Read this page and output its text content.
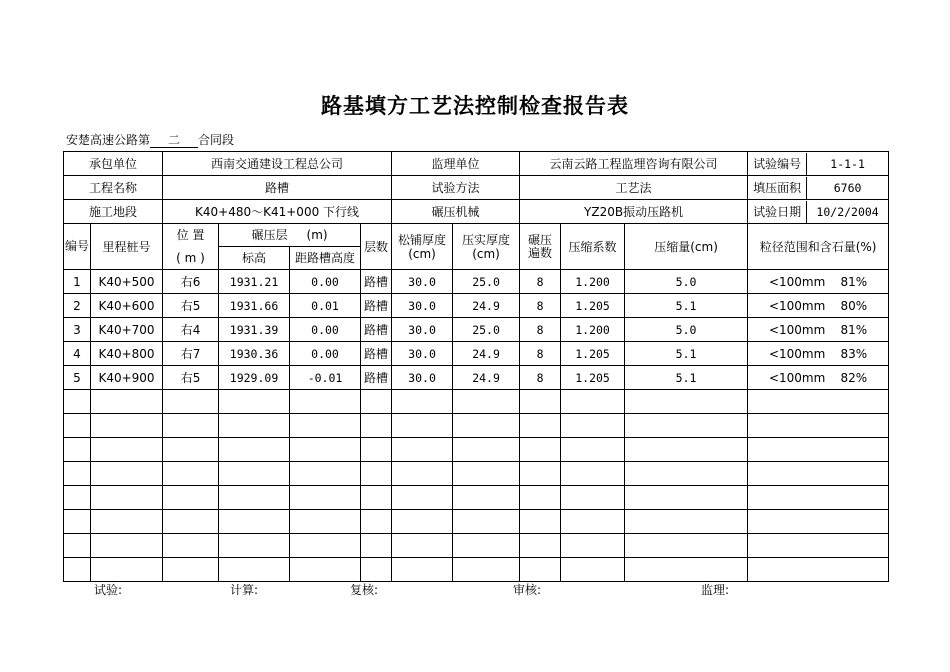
路基填方工艺法控制检查报告表
安楚高速公路第 二 合同段
承包单位		西南交通建设工程总公司				监理单位		云南云路工程监理咨询有限公司			试验编号 1-1-1

工程名称		路槽				试验方法		工艺法			填压面积 6760

施工地段		K40+480～K41+000 下行线				碾压机械		YZ20B振动压路机			试验日期 10/2/2004

编号	里程桩号	位 置	碾压层     (m)		层数	松铺厚度(cm)	压实厚度(cm)	碾压遍数	压缩系数	压缩量(cm)	粒径范围和含石量(%)
		( m )	标高	距路槽高度							
1	K40+500	右6	1931.21	0.00	路槽	30.0	25.0	8	1.200	5.0	<100mm    81%
2	K40+600	右5	1931.66	0.01	路槽	30.0	24.9	8	1.205	5.1	<100mm    80%
3	K40+700	右4	1931.39	0.00	路槽	30.0	25.0	8	1.200	5.0	<100mm    81%
4	K40+800	右7	1930.36	0.00	路槽	30.0	24.9	8	1.205	5.1	<100mm    83%
5	K40+900	右5	1929.09	-0.01	路槽	30.0	24.9	8	1.205	5.1	<100mm    82%

试验:	计算:	复核:	审核:	监理:
